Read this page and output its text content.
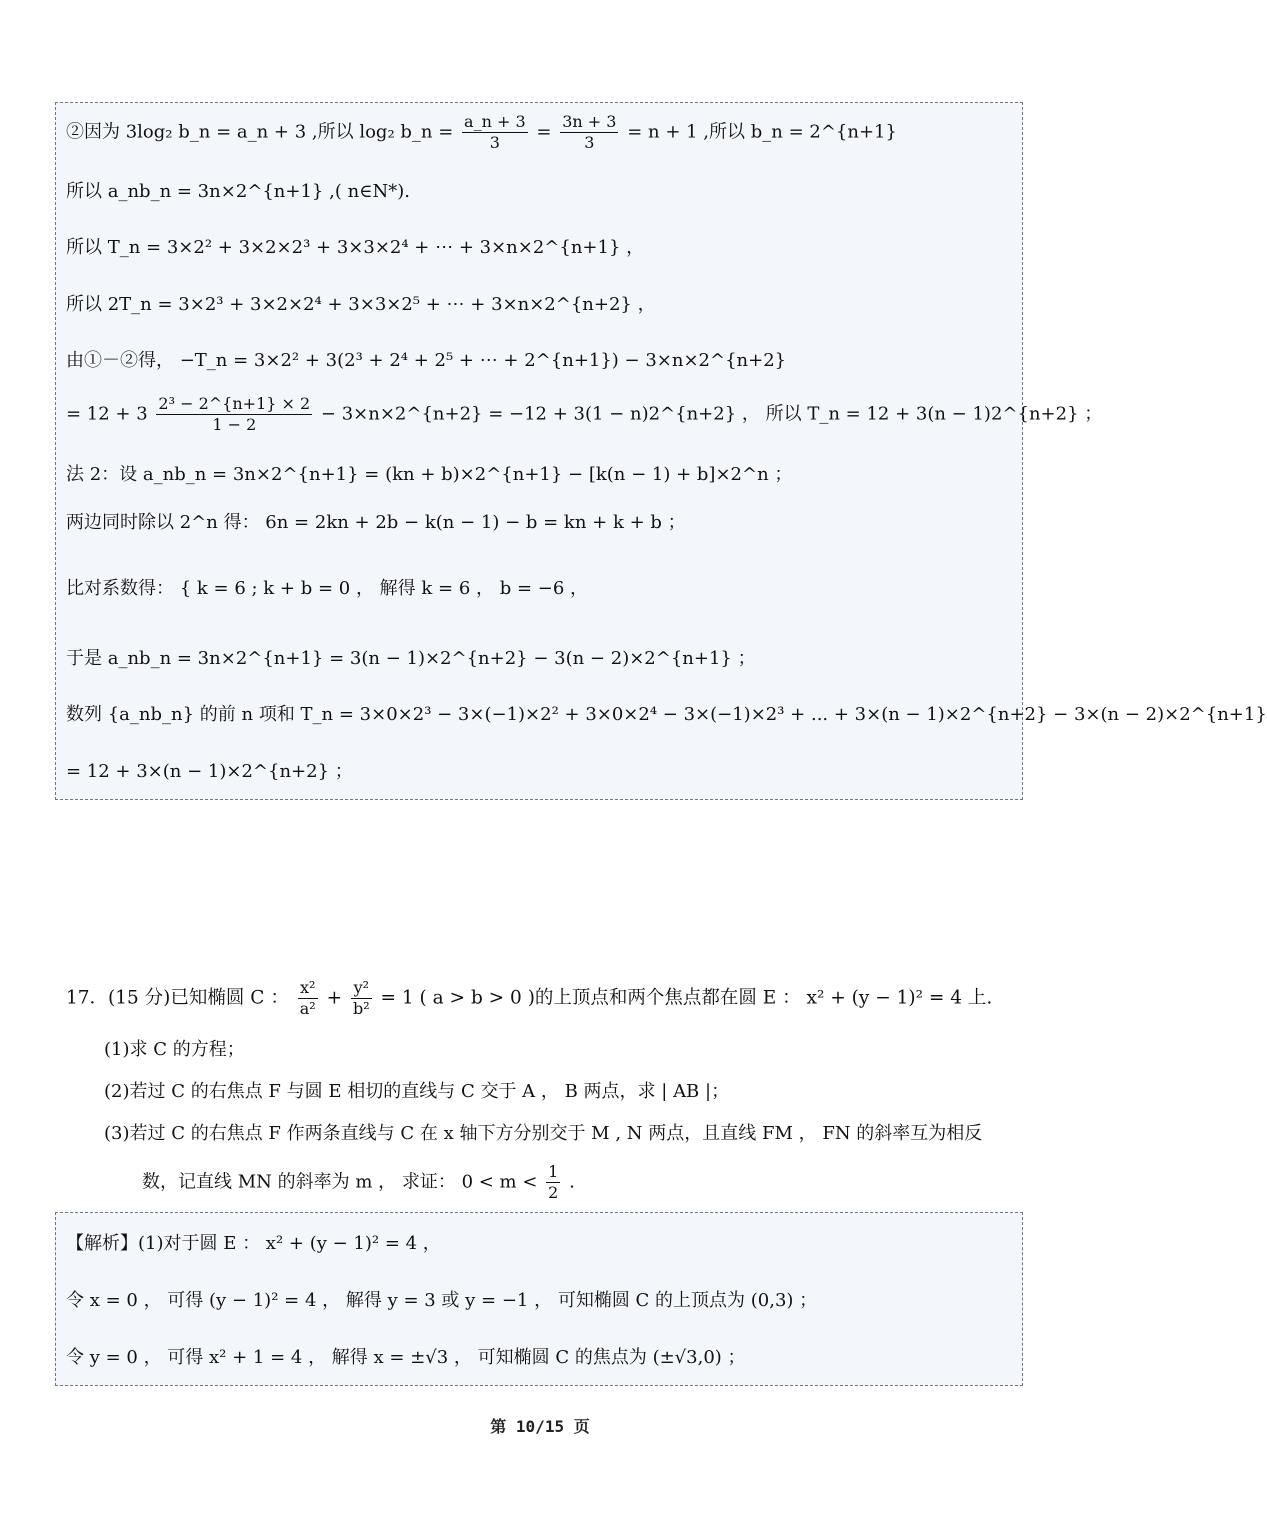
②因为 3log₂ b_n = a_n + 3 ,所以 log₂ b_n = $\frac{a\_n + 3}{3} = \frac{3n + 3}{3} = n + 1$ ,所以 b_n = 2^{n+1}
所以 a_nb_n = 3n×2^{n+1} ,( n∈N*).
所以 T_n = 3×2² + 3×2×2³ + 3×3×2⁴ + ⋯ + 3×n×2^{n+1} ，
所以 2T_n = 3×2³ + 3×2×2⁴ + 3×3×2⁵ + ⋯ + 3×n×2^{n+2} ，
由①－②得， −T_n = 3×2² + 3(2³ + 2⁴ + 2⁵ + ⋯ + 2^{n+1}) − 3×n×2^{n+2}
= $12 + 3 \frac{\text{2³ − 2\textasciicircum{}\{n+1\} × 2}}{1 - 2}$ − 3×n×2^{n+2} = −12 + 3(1 − n)2^{n+2} ， 所以 T_n = 12 + 3(n − 1)2^{n+2} ；
法 2：设 a_nb_n = 3n×2^{n+1} = (kn + b)×2^{n+1} − [k(n − 1) + b]×2^n ；
两边同时除以 2^n 得： 6n = 2kn + 2b − k(n − 1) − b = kn + k + b ；
比对系数得： { k = 6 ; k + b = 0 ， 解得 k = 6 ， b = −6 ，
于是 a_nb_n = 3n×2^{n+1} = 3(n − 1)×2^{n+2} − 3(n − 2)×2^{n+1} ；
数列 {a_nb_n} 的前 n 项和 T_n = 3×0×2³ − 3×(−1)×2² + 3×0×2⁴ − 3×(−1)×2³ + ... + 3×(n − 1)×2^{n+2} − 3×(n − 2)×2^{n+1}
= 12 + 3×(n − 1)×2^{n+2} ；
17．(15 分)已知椭圆 C ： $\frac{\text{x²}}{\text{a²}} + \frac{\text{y²}}{\text{b²}} = 1$ ( a > b > 0 )的上顶点和两个焦点都在圆 E ： x² + (y − 1)² = 4 上.
(1)求 C 的方程；
(2)若过 C 的右焦点 F 与圆 E 相切的直线与 C 交于 A ， B 两点，求 | AB |；
(3)若过 C 的右焦点 F 作两条直线与 C 在 x 轴下方分别交于 M , N 两点，且直线 FM ， FN 的斜率互为相反
数，记直线 MN 的斜率为 m ， 求证： $0 < m < \frac{1}{2}$ .
【解析】(1)对于圆 E ： x² + (y − 1)² = 4 ，
令 x = 0 ， 可得 (y − 1)² = 4 ， 解得 y = 3 或 y = −1 ， 可知椭圆 C 的上顶点为 (0,3) ；
令 y = 0 ， 可得 x² + 1 = 4 ， 解得 x = ±√3 ， 可知椭圆 C 的焦点为 (±√3,0) ；
第 10/15 页
